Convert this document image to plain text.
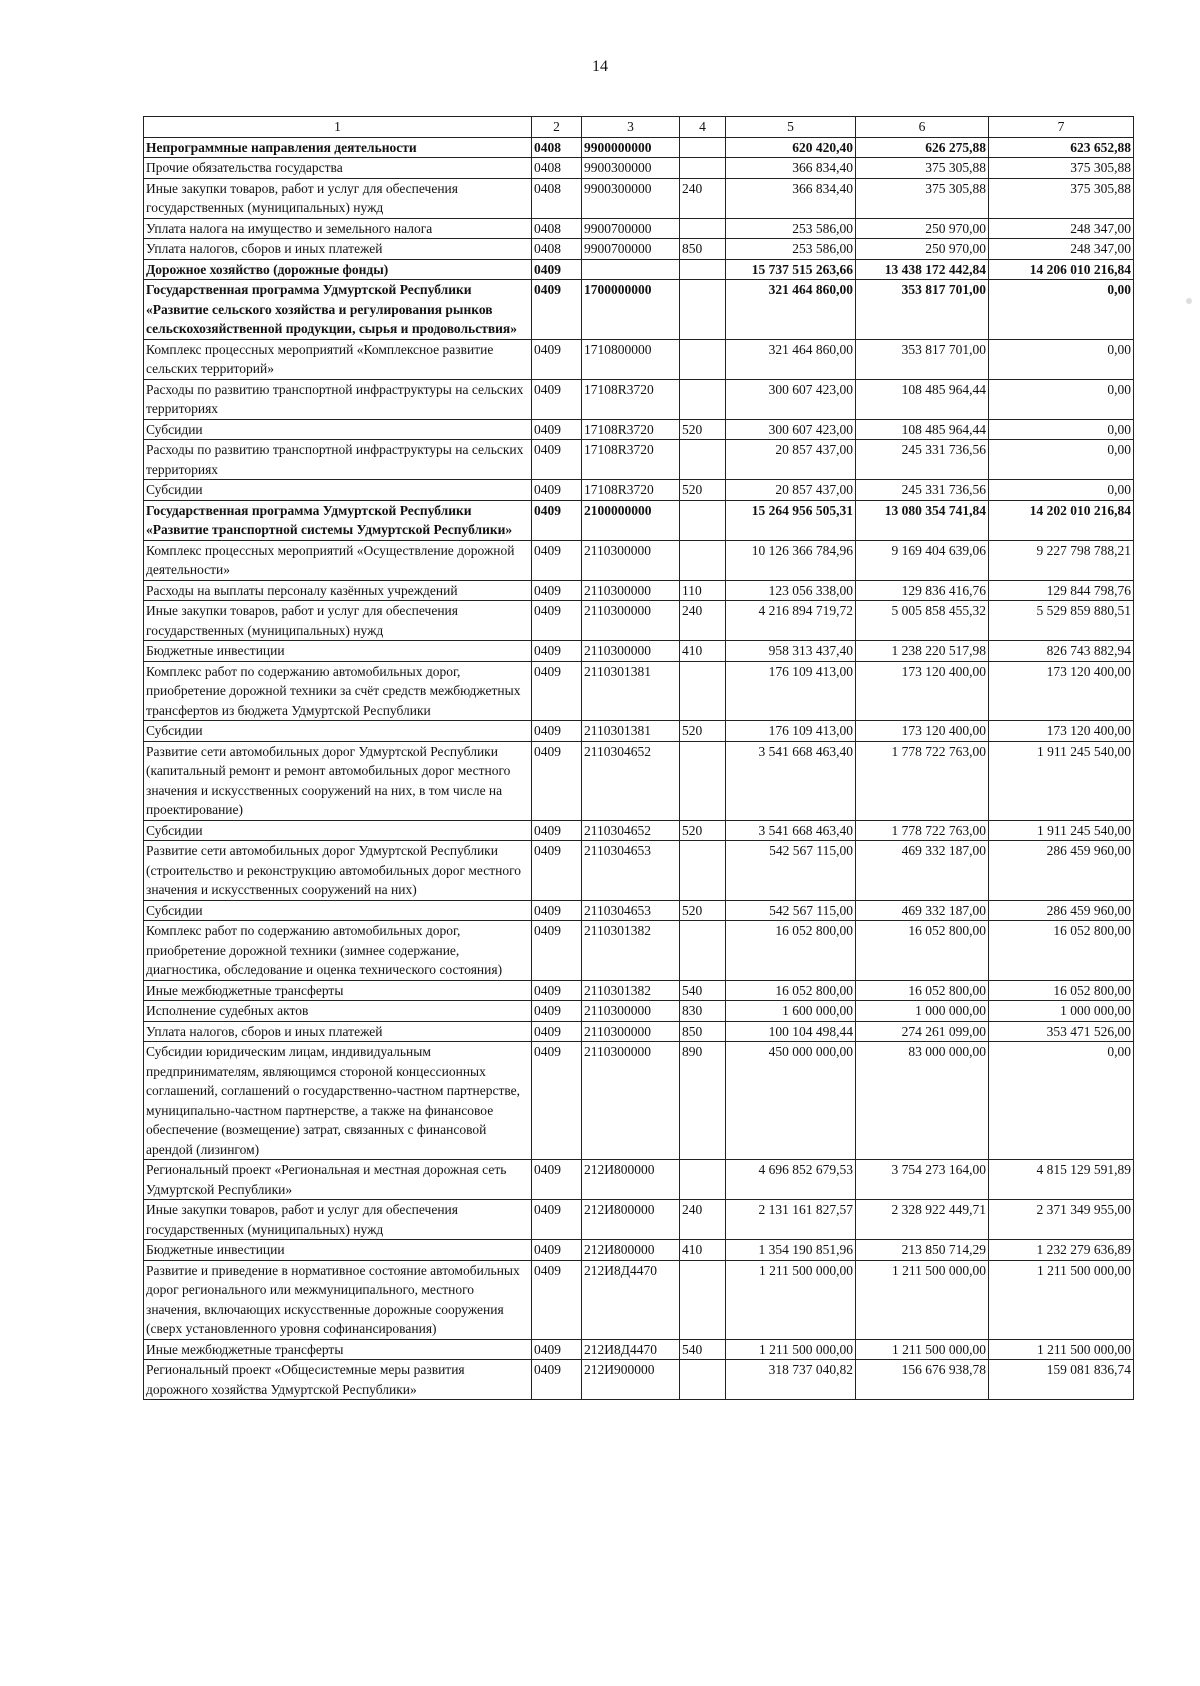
14
1	2	3	4	5	6	7
Непрограммные направления деятельности	0408	9900000000		620 420,40	626 275,88	623 652,88
Прочие обязательства государства	0408	9900300000		366 834,40	375 305,88	375 305,88
Иные закупки товаров, работ и услуг для обеспечения государственных (муниципальных) нужд	0408	9900300000	240	366 834,40	375 305,88	375 305,88
Уплата налога на имущество и земельного налога	0408	9900700000		253 586,00	250 970,00	248 347,00
Уплата налогов, сборов и иных платежей	0408	9900700000	850	253 586,00	250 970,00	248 347,00
Дорожное хозяйство (дорожные фонды)	0409			15 737 515 263,66	13 438 172 442,84	14 206 010 216,84
Государственная программа Удмуртской Республики «Развитие сельского хозяйства и регулирования рынков сельскохозяйственной продукции, сырья и продовольствия»	0409	1700000000		321 464 860,00	353 817 701,00	0,00
Комплекс процессных мероприятий «Комплексное развитие сельских территорий»	0409	1710800000		321 464 860,00	353 817 701,00	0,00
Расходы по развитию транспортной инфраструктуры на сельских территориях	0409	17108R3720		300 607 423,00	108 485 964,44	0,00
Субсидии	0409	17108R3720	520	300 607 423,00	108 485 964,44	0,00
Расходы по развитию транспортной инфраструктуры на сельских территориях	0409	17108R3720		20 857 437,00	245 331 736,56	0,00
Субсидии	0409	17108R3720	520	20 857 437,00	245 331 736,56	0,00
Государственная программа Удмуртской Республики «Развитие транспортной системы Удмуртской Республики»	0409	2100000000		15 264 956 505,31	13 080 354 741,84	14 202 010 216,84
Комплекс процессных мероприятий «Осуществление дорожной деятельности»	0409	2110300000		10 126 366 784,96	9 169 404 639,06	9 227 798 788,21
Расходы на выплаты персоналу казённых учреждений	0409	2110300000	110	123 056 338,00	129 836 416,76	129 844 798,76
Иные закупки товаров, работ и услуг для обеспечения государственных (муниципальных) нужд	0409	2110300000	240	4 216 894 719,72	5 005 858 455,32	5 529 859 880,51
Бюджетные инвестиции	0409	2110300000	410	958 313 437,40	1 238 220 517,98	826 743 882,94
Комплекс работ по содержанию автомобильных дорог, приобретение дорожной техники за счёт средств межбюджетных трансфертов из бюджета Удмуртской Республики	0409	2110301381		176 109 413,00	173 120 400,00	173 120 400,00
Субсидии	0409	2110301381	520	176 109 413,00	173 120 400,00	173 120 400,00
Развитие сети автомобильных дорог Удмуртской Республики (капитальный ремонт и ремонт автомобильных дорог местного значения и искусственных сооружений на них, в том числе на проектирование)	0409	2110304652		3 541 668 463,40	1 778 722 763,00	1 911 245 540,00
Субсидии	0409	2110304652	520	3 541 668 463,40	1 778 722 763,00	1 911 245 540,00
Развитие сети автомобильных дорог Удмуртской Республики (строительство и реконструкцию автомобильных дорог местного значения и искусственных сооружений на них)	0409	2110304653		542 567 115,00	469 332 187,00	286 459 960,00
Субсидии	0409	2110304653	520	542 567 115,00	469 332 187,00	286 459 960,00
Комплекс работ по содержанию автомобильных дорог, приобретение дорожной техники (зимнее содержание, диагностика, обследование и оценка технического состояния)	0409	2110301382		16 052 800,00	16 052 800,00	16 052 800,00
Иные межбюджетные трансферты	0409	2110301382	540	16 052 800,00	16 052 800,00	16 052 800,00
Исполнение судебных актов	0409	2110300000	830	1 600 000,00	1 000 000,00	1 000 000,00
Уплата налогов, сборов и иных платежей	0409	2110300000	850	100 104 498,44	274 261 099,00	353 471 526,00
Субсидии юридическим лицам, индивидуальным предпринимателям, являющимся стороной концессионных соглашений, соглашений о государственно-частном партнерстве, муниципально-частном партнерстве, а также на финансовое обеспечение (возмещение) затрат, связанных с финансовой арендой (лизингом)	0409	2110300000	890	450 000 000,00	83 000 000,00	0,00
Региональный проект «Региональная и местная дорожная сеть Удмуртской Республики»	0409	212И800000		4 696 852 679,53	3 754 273 164,00	4 815 129 591,89
Иные закупки товаров, работ и услуг для обеспечения государственных (муниципальных) нужд	0409	212И800000	240	2 131 161 827,57	2 328 922 449,71	2 371 349 955,00
Бюджетные инвестиции	0409	212И800000	410	1 354 190 851,96	213 850 714,29	1 232 279 636,89
Развитие и приведение в нормативное состояние автомобильных дорог регионального или межмуниципального, местного значения, включающих искусственные дорожные сооружения (сверх установленного уровня софинансирования)	0409	212И8Д4470		1 211 500 000,00	1 211 500 000,00	1 211 500 000,00
Иные межбюджетные трансферты	0409	212И8Д4470	540	1 211 500 000,00	1 211 500 000,00	1 211 500 000,00
Региональный проект «Общесистемные меры развития дорожного хозяйства Удмуртской Республики»	0409	212И900000		318 737 040,82	156 676 938,78	159 081 836,74
